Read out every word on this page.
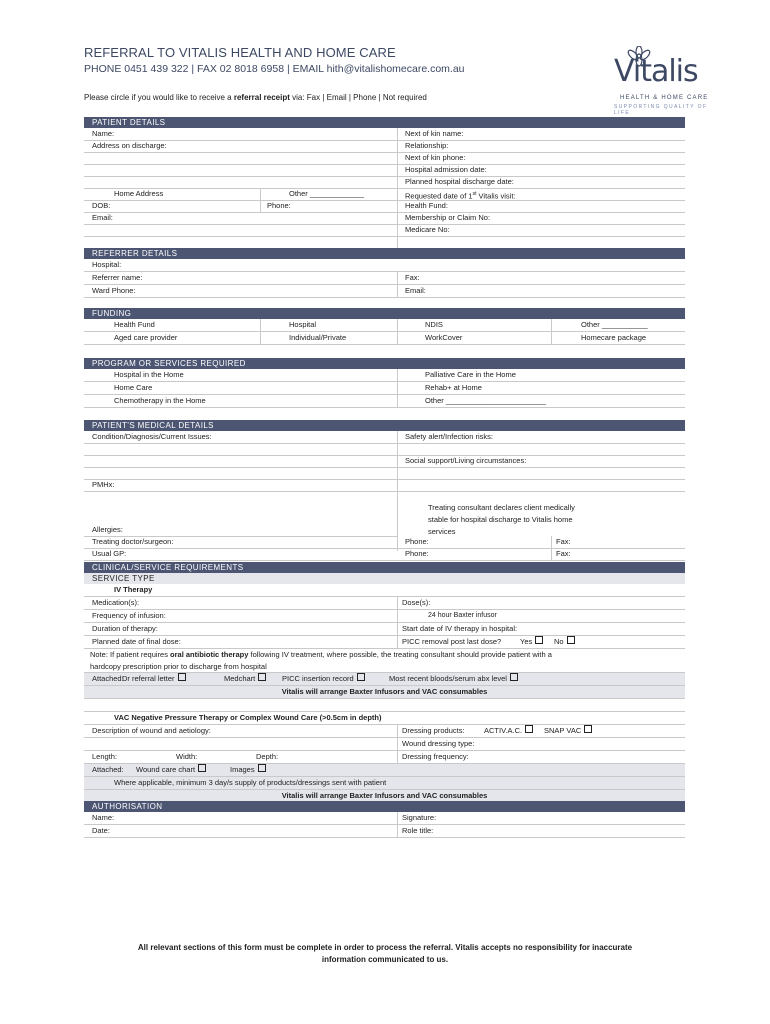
REFERRAL TO VITALIS HEALTH AND HOME CARE
PHONE 0451 439 322 | FAX 02 8018 6958 | EMAIL hith@vitalishomecare.com.au
Please circle if you would like to receive a referral receipt via: Fax | Email | Phone | Not required
Vitalis
HEALTH & HOME CARE
SUPPORTING QUALITY OF LIFE
PATIENT DETAILS
Name:	Next of kin name:
Address on discharge:	Relationship:
Next of kin phone:
Hospital admission date:
Planned hospital discharge date:
Home Address	Other _____________	Requested date of 1st Vitalis visit:
DOB:	Phone:	Health Fund:
Email:	Membership or Claim No:
Medicare No:
REFERRER DETAILS
Hospital:
Referrer name:	Fax:
Ward Phone:	Email:
FUNDING
Health Fund	Hospital	NDIS	Other ___________
Aged care provider	Individual/Private	WorkCover	Homecare package
PROGRAM OR SERVICES REQUIRED
Hospital in the Home	Palliative Care in the Home
Home Care	Rehab+ at Home
Chemotherapy in the Home	Other ________________________
PATIENT'S MEDICAL DETAILS
Condition/Diagnosis/Current Issues:	Safety alert/Infection risks:
Social support/Living circumstances:
PMHx:
Treating consultant declares client medically
stable for hospital discharge to Vitalis home
services
Allergies:
Treating doctor/surgeon:	Phone:	Fax:
Usual GP:	Phone:	Fax:
CLINICAL/SERVICE REQUIREMENTS
SERVICE TYPE
IV Therapy
Medication(s):	Dose(s):
Frequency of infusion:	24 hour Baxter infusor
Duration of therapy:	Start date of IV therapy in hospital:
Planned date of final dose:	PICC removal post last dose?	Yes	No
Note: If patient requires oral antibiotic therapy following IV treatment, where possible, the treating consultant should provide patient with a
hardcopy prescription prior to discharge from hospital
Attached:
Dr referral letter	Medchart	PICC insertion record	Most recent bloods/serum abx level
Vitalis will arrange Baxter Infusors and VAC consumables
VAC Negative Pressure Therapy or Complex Wound Care (>0.5cm in depth)
Description of wound and aetiology:	Dressing products:	ACTIV.A.C.	SNAP VAC
Wound dressing type:
Length:	Width:	Depth:	Dressing frequency:
Attached: Wound care chart	Images
Where applicable, minimum 3 day/s supply of products/dressings sent with patient
Vitalis will arrange Baxter Infusors and VAC consumables
AUTHORISATION
Name:	Signature:
Date:	Role title:
All relevant sections of this form must be complete in order to process the referral. Vitalis accepts no responsibility for inaccurate
information communicated to us.
